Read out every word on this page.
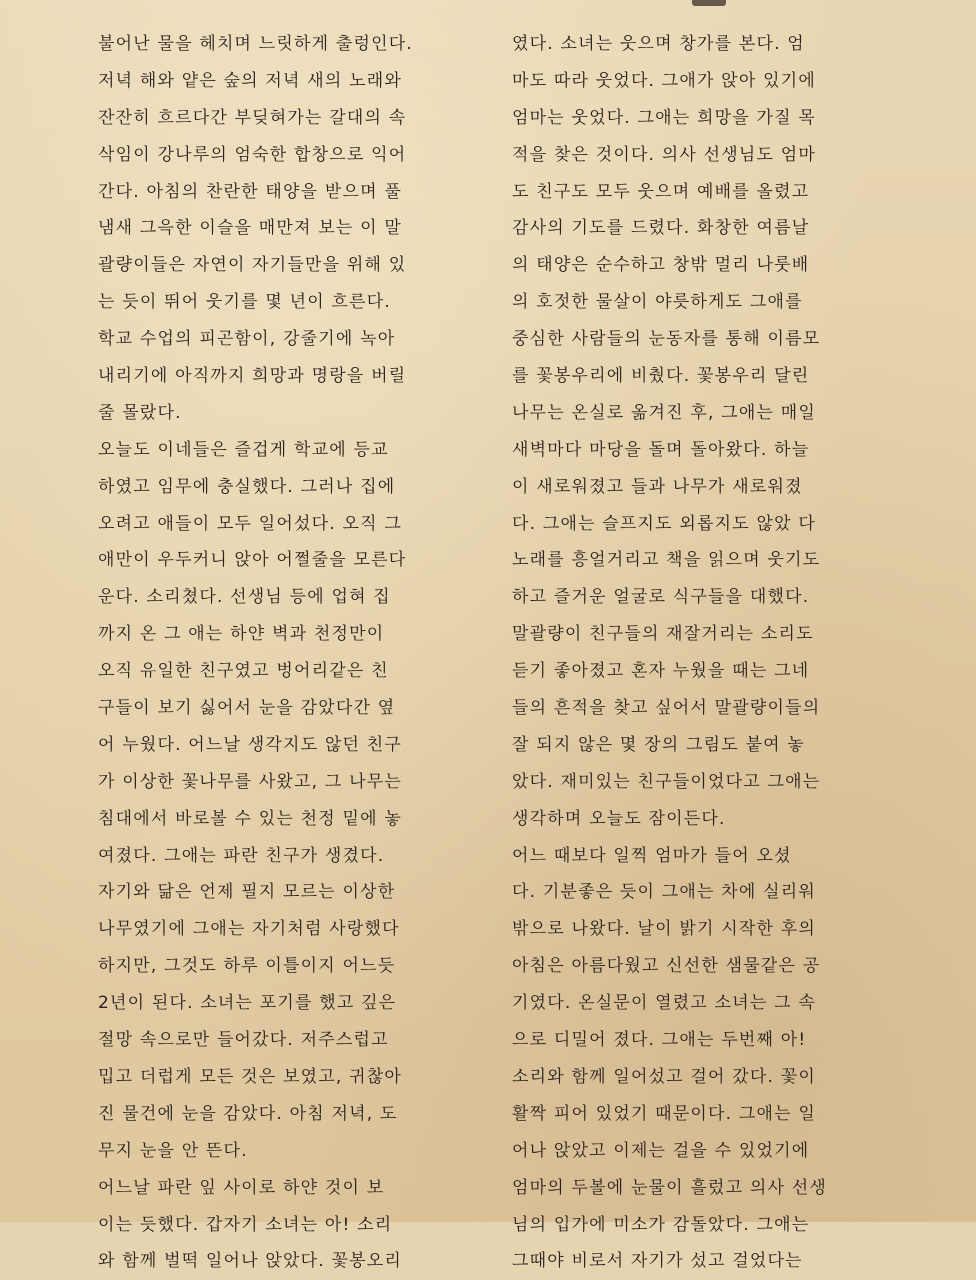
불어난 물을 헤치며 느릿하게 출렁인다.
저녁 해와 얕은 숲의 저녁 새의 노래와
잔잔히 흐르다간 부딪혀가는 갈대의 속
삭임이 강나루의 엄숙한 합창으로 익어
간다. 아침의 찬란한 태양을 받으며 풀
냄새 그윽한 이슬을 매만져 보는 이 말
괄량이들은 자연이 자기들만을 위해 있
는 듯이 뛰어 웃기를 몇 년이 흐른다.
학교 수업의 피곤함이, 강줄기에 녹아
내리기에 아직까지 희망과 명랑을 버릴
줄 몰랐다.
오늘도 이네들은 즐겁게 학교에 등교
하였고 임무에 충실했다. 그러나 집에
오려고 애들이 모두 일어섰다. 오직 그
애만이 우두커니 앉아 어쩔줄을 모른다
운다. 소리쳤다. 선생님 등에 업혀 집
까지 온 그 애는 하얀 벽과 천정만이
오직 유일한 친구였고 벙어리같은 친
구들이 보기 싫어서 눈을 감았다간 옆
어 누웠다. 어느날 생각지도 않던 친구
가 이상한 꽃나무를 사왔고, 그 나무는
침대에서 바로볼 수 있는 천정 밑에 놓
여졌다. 그애는 파란 친구가 생겼다.
자기와 닮은 언제 필지 모르는 이상한
나무였기에 그애는 자기처럼 사랑했다
하지만, 그것도 하루 이틀이지 어느듯
2년이 된다. 소녀는 포기를 했고 깊은
절망 속으로만 들어갔다. 저주스럽고
밉고 더럽게 모든 것은 보였고, 귀찮아
진 물건에 눈을 감았다. 아침 저녁, 도
무지 눈을 안 뜬다.
어느날 파란 잎 사이로 하얀 것이 보
이는 듯했다. 갑자기 소녀는 아! 소리
와 함께 벌떡 일어나 앉았다. 꽃봉오리
였다. 소녀는 웃으며 창가를 본다. 엄
마도 따라 웃었다. 그애가 앉아 있기에
엄마는 웃었다. 그애는 희망을 가질 목
적을 찾은 것이다. 의사 선생님도 엄마
도 친구도 모두 웃으며 예배를 올렸고
감사의 기도를 드렸다. 화창한 여름날
의 태양은 순수하고 창밖 멀리 나룻배
의 호젓한 물살이 야릇하게도 그애를
중심한 사람들의 눈동자를 통해 이름모
를 꽃봉우리에 비췄다. 꽃봉우리 달린
나무는 온실로 옮겨진 후, 그애는 매일
새벽마다 마당을 돌며 돌아왔다. 하늘
이 새로워졌고 들과 나무가 새로워졌
다. 그애는 슬프지도 외롭지도 않았 다
노래를 흥얼거리고 책을 읽으며 웃기도
하고 즐거운 얼굴로 식구들을 대했다.
말괄량이 친구들의 재잘거리는 소리도
듣기 좋아졌고 혼자 누웠을 때는 그네
들의 흔적을 찾고 싶어서 말괄량이들의
잘 되지 않은 몇 장의 그림도 붙여 놓
았다. 재미있는 친구들이었다고 그애는
생각하며 오늘도 잠이든다.
어느 때보다 일찍 엄마가 들어 오셨
다. 기분좋은 듯이 그애는 차에 실리워
밖으로 나왔다. 날이 밝기 시작한 후의
아침은 아름다웠고 신선한 샘물같은 공
기였다. 온실문이 열렸고 소녀는 그 속
으로 디밀어 졌다. 그애는 두번째 아!
소리와 함께 일어섰고 걸어 갔다. 꽃이
활짝 피어 있었기 때문이다. 그애는 일
어나 앉았고 이제는 걸을 수 있었기에
엄마의 두볼에 눈물이 흘렀고 의사 선생
님의 입가에 미소가 감돌았다. 그애는
그때야 비로서 자기가 섰고 걸었다는
